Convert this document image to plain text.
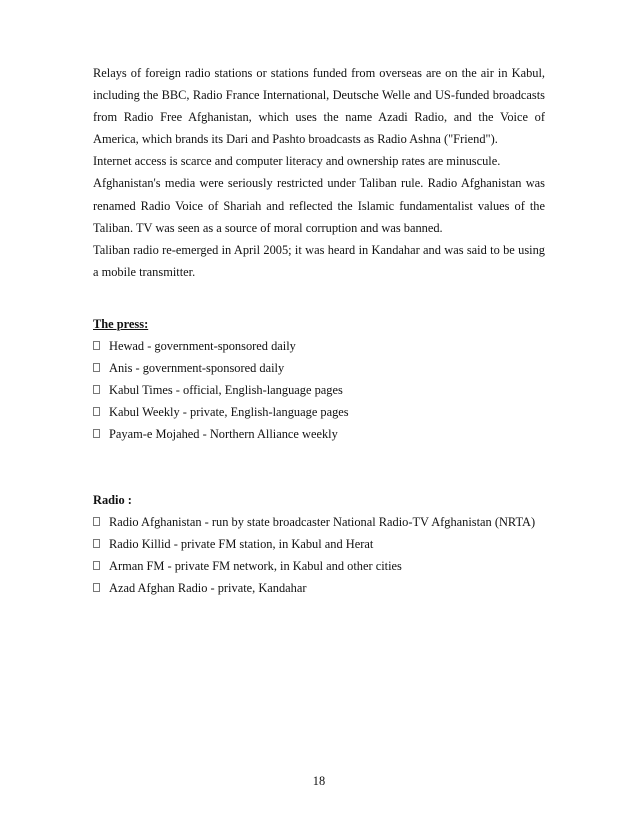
Relays of foreign radio stations or stations funded from overseas are on the air in Kabul, including the BBC, Radio France International, Deutsche Welle and US-funded broadcasts from Radio Free Afghanistan, which uses the name Azadi Radio, and the Voice of America, which brands its Dari and Pashto broadcasts as Radio Ashna ("Friend").

Internet access is scarce and computer literacy and ownership rates are minuscule.

Afghanistan's media were seriously restricted under Taliban rule. Radio Afghanistan was renamed Radio Voice of Shariah and reflected the Islamic fundamentalist values of the Taliban. TV was seen as a source of moral corruption and was banned.

Taliban radio re-emerged in April 2005; it was heard in Kandahar and was said to be using a mobile transmitter.

The press:
Hewad - government-sponsored daily
Anis - government-sponsored daily
Kabul Times - official, English-language pages
Kabul Weekly - private, English-language pages
Payam-e Mojahed - Northern Alliance weekly
Radio :
Radio Afghanistan - run by state broadcaster National Radio-TV Afghanistan (NRTA)
Radio Killid - private FM station, in Kabul and Herat
Arman FM - private FM network, in Kabul and other cities
Azad Afghan Radio - private, Kandahar
18
